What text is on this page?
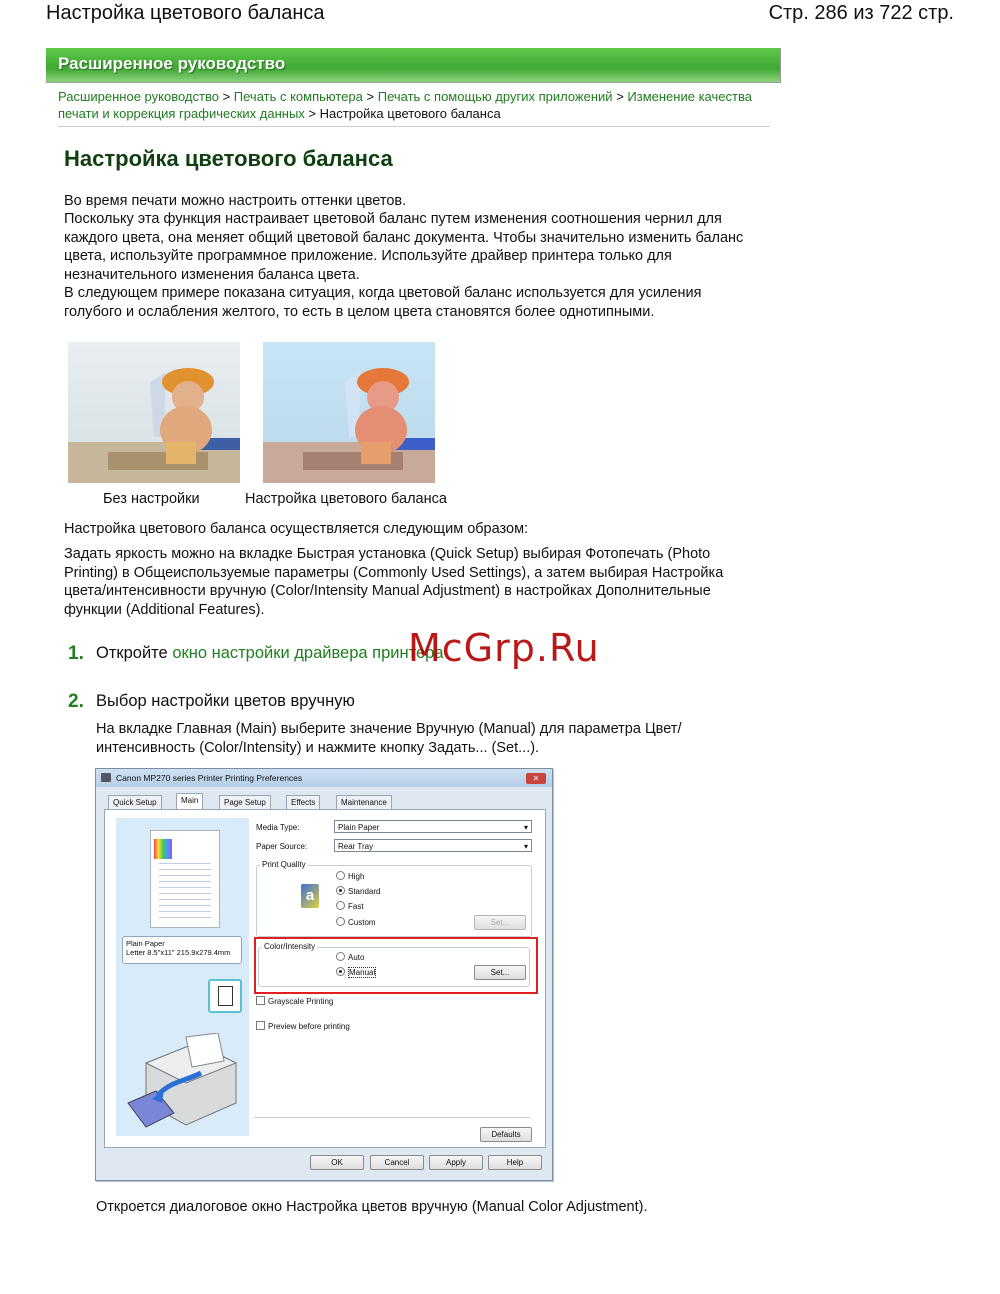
Настройка цветового баланса	Стр. 286 из 722 стр.
Расширенное руководство
Расширенное руководство > Печать с компьютера > Печать с помощью других приложений > Изменение качества печати и коррекция графических данных > Настройка цветового баланса
Настройка цветового баланса
Во время печати можно настроить оттенки цветов.
Поскольку эта функция настраивает цветовой баланс путем изменения соотношения чернил для каждого цвета, она меняет общий цветовой баланс документа. Чтобы значительно изменить баланс цвета, используйте программное приложение. Используйте драйвер принтера только для незначительного изменения баланса цвета.
В следующем примере показана ситуация, когда цветовой баланс используется для усиления голубого и ослабления желтого, то есть в целом цвета становятся более однотипными.
Без настройки	Настройка цветового баланса
Настройка цветового баланса осуществляется следующим образом:
Задать яркость можно на вкладке Быстрая установка (Quick Setup) выбирая Фотопечать (Photo Printing) в Общеиспользуемые параметры (Commonly Used Settings), а затем выбирая Настройка цвета/интенсивности вручную (Color/Intensity Manual Adjustment) в настройках Дополнительные функции (Additional Features).
1. Откройте окно настройки драйвера принтера
McGrp.Ru
2. Выбор настройки цветов вручную
На вкладке Главная (Main) выберите значение Вручную (Manual) для параметра Цвет/интенсивность (Color/Intensity) и нажмите кнопку Задать... (Set...).
Canon MP270 series Printer Printing Preferences	✕
Quick Setup	Main	Page Setup	Effects	Maintenance
Plain Paper
Letter 8.5"x11" 215.9x279.4mm
Media Type:	Plain Paper ▾
Paper Source:	Rear Tray ▾
Print Quality
a
High
Standard
Fast
Custom	Set...
Color/Intensity
Auto
Manual	Set...
Grayscale Printing
Preview before printing
Defaults
OK	Cancel	Apply	Help
Откроется диалоговое окно Настройка цветов вручную (Manual Color Adjustment).
